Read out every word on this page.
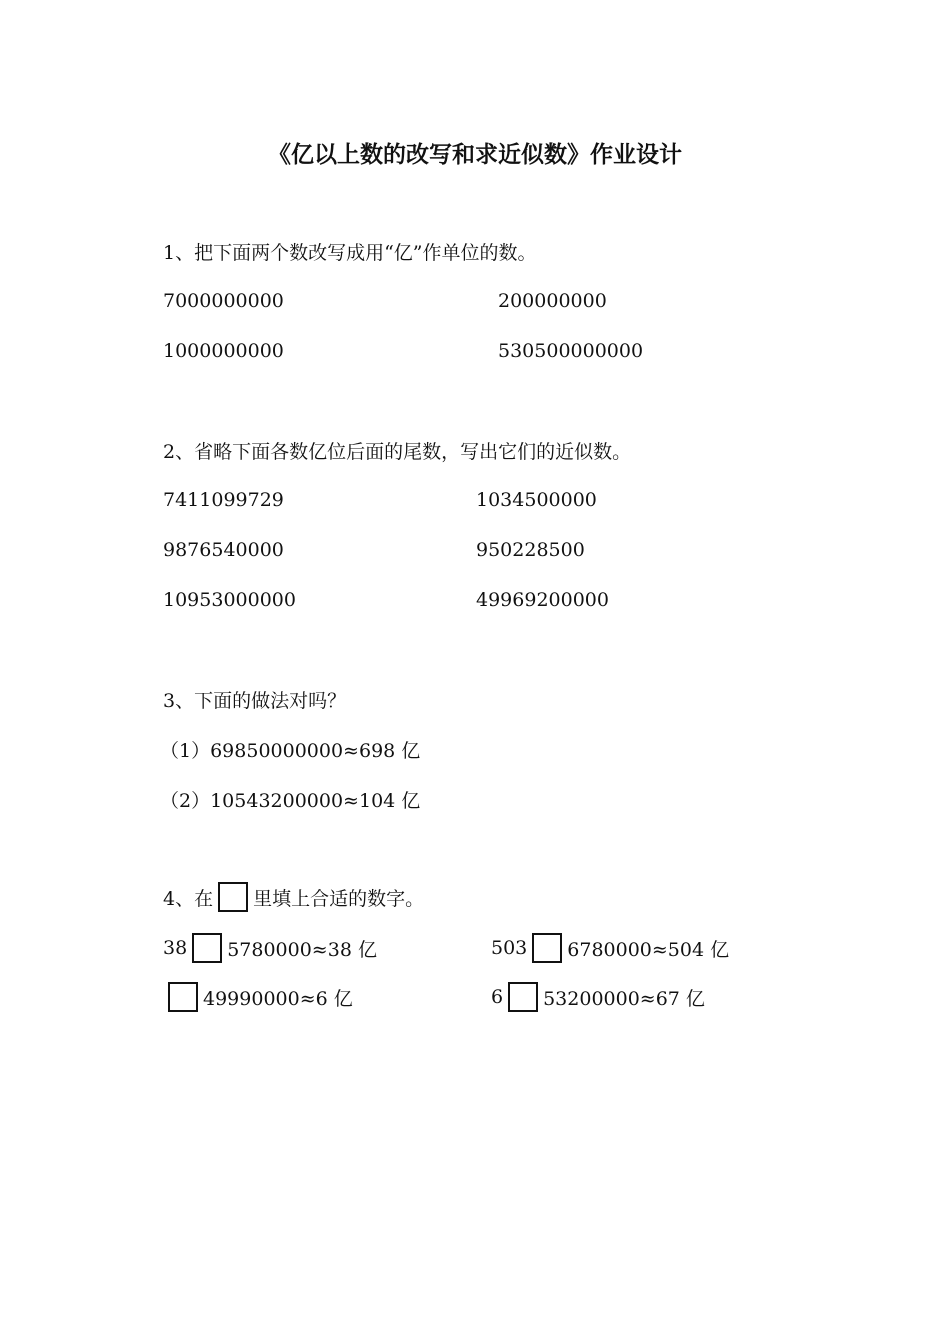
《亿以上数的改写和求近似数》作业设计
1、把下面两个数改写成用“亿”作单位的数。
7000000000	200000000
1000000000	530500000000
2、省略下面各数亿位后面的尾数，写出它们的近似数。
7411099729	1034500000
9876540000	950228500
10953000000	49969200000
3、下面的做法对吗？
（1）69850000000≈698 亿
（2）10543200000≈104 亿
4、在 里填上合适的数字。
38 5780000≈38 亿	503 6780000≈504 亿
49990000≈6 亿	6 53200000≈67 亿
